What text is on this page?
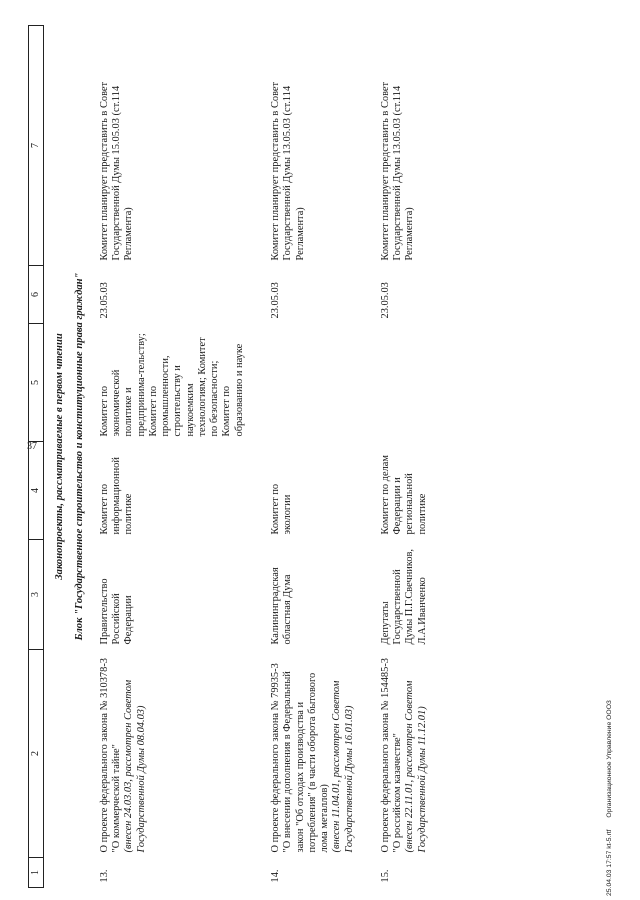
37
1	2	3	4	5	6	7
Законопроекты, рассматриваемые в первом чтении						
Блок "Государственное строительство и конституционные права граждан"						
13.	О проекте федерального закона № 310378-3 "О коммерческой тайне" (внесен 24.03.03, рассмотрен Советом Государственной Думы 08.04.03)	Правительство Российской Федерации	Комитет по информационной политике	Комитет по экономической политике и предпринима-тельству; Комитет по промышленности, строительству и наукоемким технологиям; Комитет по безопасности; Комитет по образованию и науке	23.05.03	Комитет планирует представить в Совет Государственной Думы 15.05.03 (ст.114 Регламента)
14.	О проекте федерального закона № 79935-3 "О внесении дополнения в Федеральный закон "Об отходах производства и потребления" (в части оборота бытового лома металлов) (внесен 11.04.01, рассмотрен Советом Государственной Думы 16.01.03)	Калининградская областная Дума	Комитет по экологии		23.05.03	Комитет планирует представить в Совет Государственной Думы 13.05.03 (ст.114 Регламента)
15.	О проекте федерального закона № 154485-3 "О российском казачестве" (внесен 22.11.01, рассмотрен Советом Государственной Думы 11.12.01)	Депутаты Государственной Думы П.Г.Свечников, Л.А.Иванченко	Комитет по делам Федерации и региональной политике		23.05.03	Комитет планирует представить в Совет Государственной Думы 13.05.03 (ст.114 Регламента)
25.04.03 17:57 kt-5.rtf Организационное Управление ООО3
